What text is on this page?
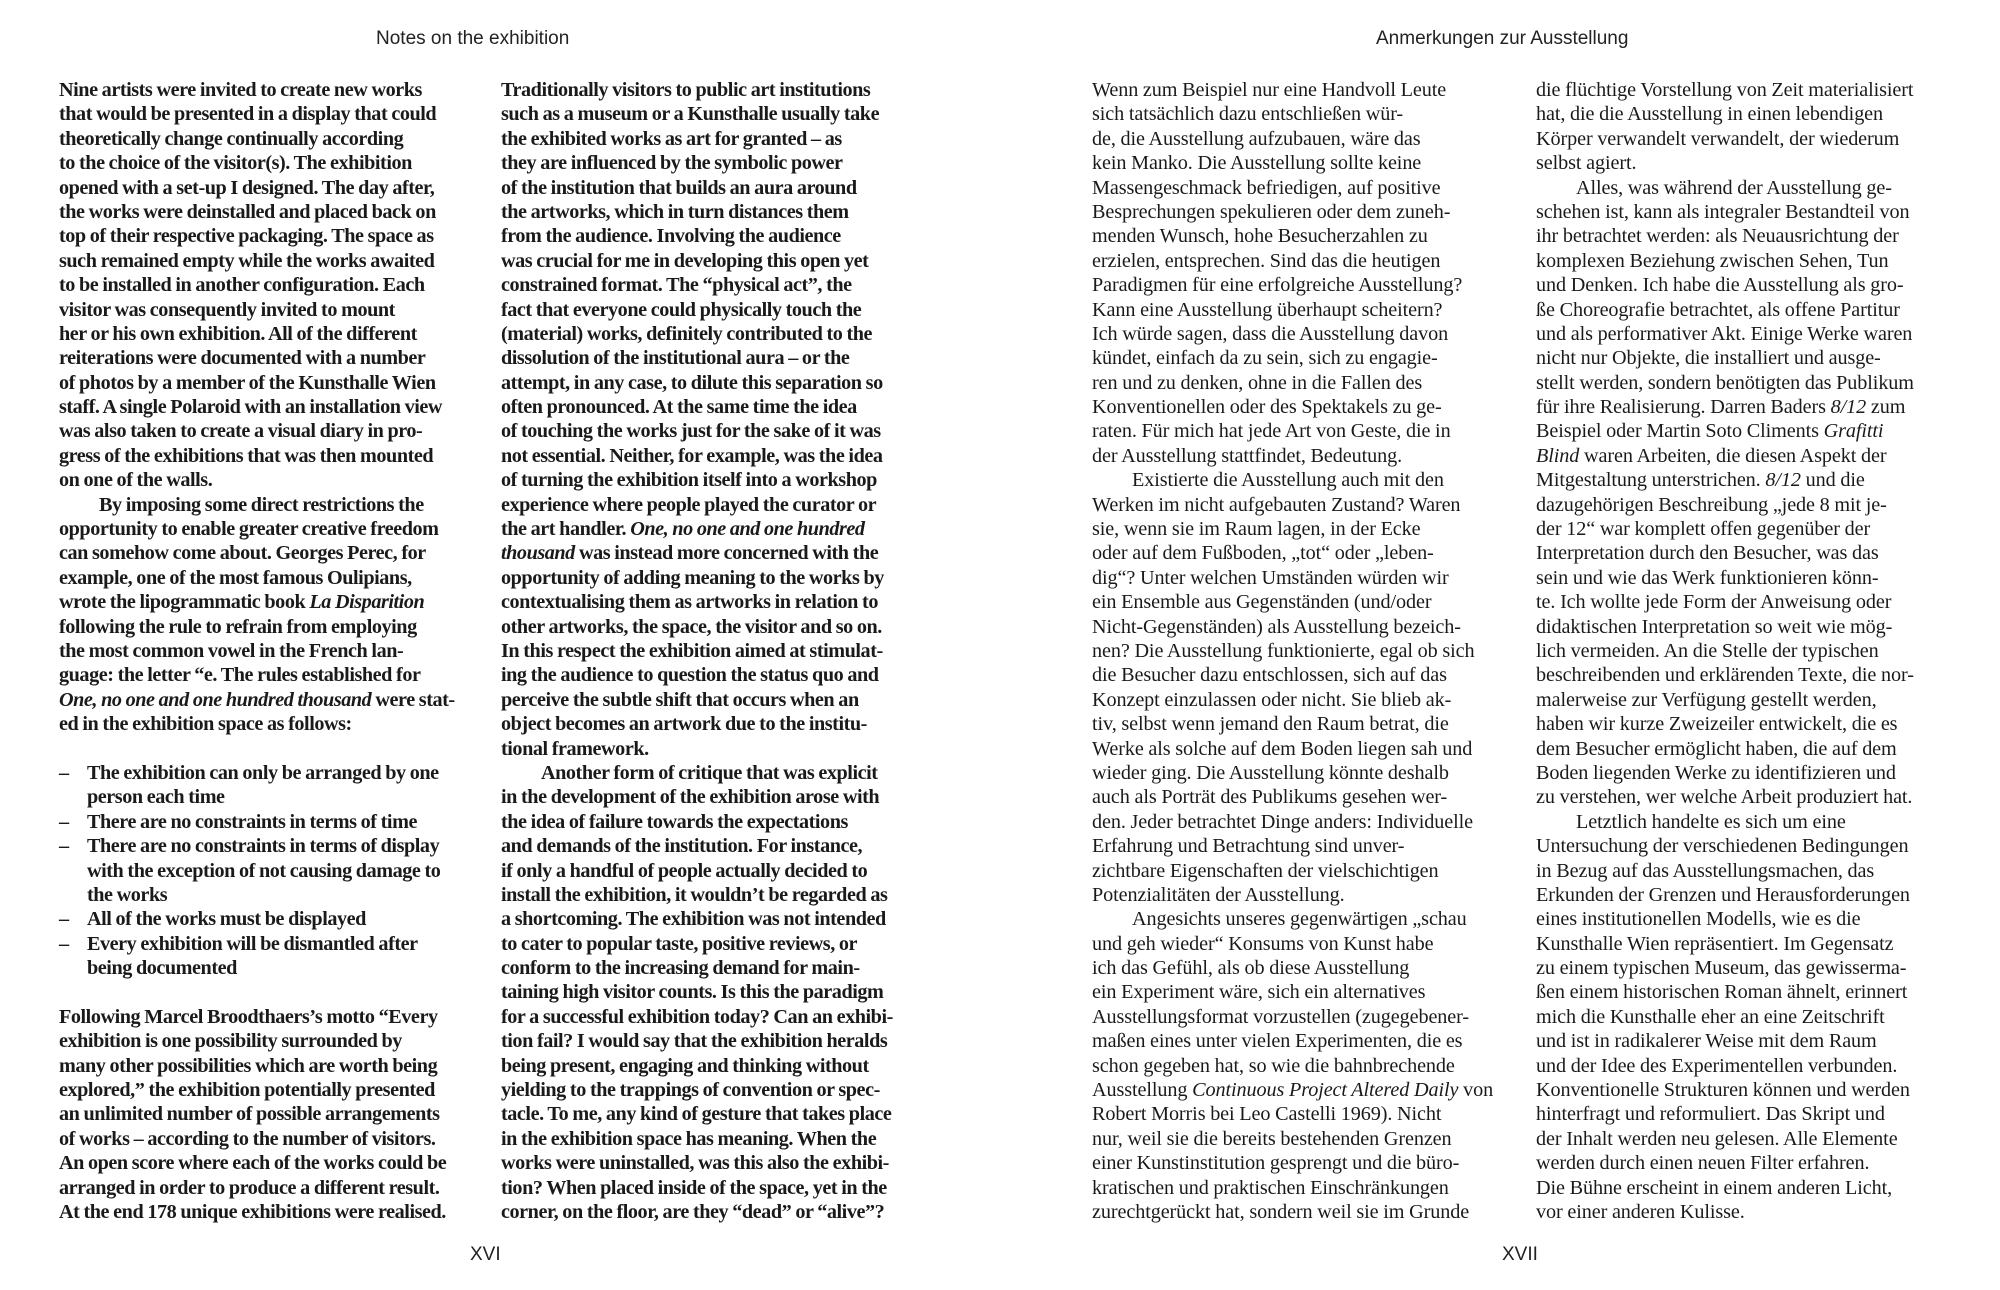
Notes on the exhibition	Anmerkungen zur Ausstellung
Nine artists were invited to create new works
that would be presented in a display that could
theoretically change continually according
to the choice of the visitor(s). The exhibition
opened with a set-up I designed. The day after,
the works were deinstalled and placed back on
top of their respective packaging. The space as
such remained empty while the works awaited
to be installed in another configuration. Each
visitor was consequently invited to mount
her or his own exhibition. All of the different
reiterations were documented with a number
of photos by a member of the Kunsthalle Wien
staff. A single Polaroid with an installation view
was also taken to create a visual diary in pro-
gress of the exhibitions that was then mounted
on one of the walls.
By imposing some direct restrictions the
opportunity to enable greater creative freedom
can somehow come about. Georges Perec, for
example, one of the most famous Oulipians,
wrote the lipogrammatic book La Disparition
following the rule to refrain from employing
the most common vowel in the French lan-
guage: the letter “e. The rules established for
One, no one and one hundred thousand were stat-
ed in the exhibition space as follows:
– The exhibition can only be arranged by one
person each time
– There are no constraints in terms of time
– There are no constraints in terms of display
with the exception of not causing damage to
the works
– All of the works must be displayed
– Every exhibition will be dismantled after
being documented
Following Marcel Broodthaers’s motto “Every
exhibition is one possibility surrounded by
many other possibilities which are worth being
explored,” the exhibition potentially presented
an unlimited number of possible arrangements
of works – according to the number of visitors.
An open score where each of the works could be
arranged in order to produce a different result.
At the end 178 unique exhibitions were realised.
Traditionally visitors to public art institutions
such as a museum or a Kunsthalle usually take
the exhibited works as art for granted – as
they are influenced by the symbolic power
of the institution that builds an aura around
the artworks, which in turn distances them
from the audience. Involving the audience
was crucial for me in developing this open yet
constrained format. The “physical act”, the
fact that everyone could physically touch the
(material) works, definitely contributed to the
dissolution of the institutional aura – or the
attempt, in any case, to dilute this separation so
often pronounced. At the same time the idea
of touching the works just for the sake of it was
not essential. Neither, for example, was the idea
of turning the exhibition itself into a workshop
experience where people played the curator or
the art handler. One, no one and one hundred
thousand was instead more concerned with the
opportunity of adding meaning to the works by
contextualising them as artworks in relation to
other artworks, the space, the visitor and so on.
In this respect the exhibition aimed at stimulat-
ing the audience to question the status quo and
perceive the subtle shift that occurs when an
object becomes an artwork due to the institu-
tional framework.
Another form of critique that was explicit
in the development of the exhibition arose with
the idea of failure towards the expectations
and demands of the institution. For instance,
if only a handful of people actually decided to
install the exhibition, it wouldn’t be regarded as
a shortcoming. The exhibition was not intended
to cater to popular taste, positive reviews, or
conform to the increasing demand for main-
taining high visitor counts. Is this the paradigm
for a successful exhibition today? Can an exhibi-
tion fail? I would say that the exhibition heralds
being present, engaging and thinking without
yielding to the trappings of convention or spec-
tacle. To me, any kind of gesture that takes place
in the exhibition space has meaning. When the
works were uninstalled, was this also the exhibi-
tion? When placed inside of the space, yet in the
corner, on the floor, are they “dead” or “alive”?
Wenn zum Beispiel nur eine Handvoll Leute
sich tatsächlich dazu entschließen wür-
de, die Ausstellung aufzubauen, wäre das
kein Manko. Die Ausstellung sollte keine
Massengeschmack befriedigen, auf positive
Besprechungen spekulieren oder dem zuneh-
menden Wunsch, hohe Besucherzahlen zu
erzielen, entsprechen. Sind das die heutigen
Paradigmen für eine erfolgreiche Ausstellung?
Kann eine Ausstellung überhaupt scheitern?
Ich würde sagen, dass die Ausstellung davon
kündet, einfach da zu sein, sich zu engagie-
ren und zu denken, ohne in die Fallen des
Konventionellen oder des Spektakels zu ge-
raten. Für mich hat jede Art von Geste, die in
der Ausstellung stattfindet, Bedeutung.
Existierte die Ausstellung auch mit den
Werken im nicht aufgebauten Zustand? Waren
sie, wenn sie im Raum lagen, in der Ecke
oder auf dem Fußboden, „tot“ oder „leben-
dig“? Unter welchen Umständen würden wir
ein Ensemble aus Gegenständen (und/oder
Nicht-Gegenständen) als Ausstellung bezeich-
nen? Die Ausstellung funktionierte, egal ob sich
die Besucher dazu entschlossen, sich auf das
Konzept einzulassen oder nicht. Sie blieb ak-
tiv, selbst wenn jemand den Raum betrat, die
Werke als solche auf dem Boden liegen sah und
wieder ging. Die Ausstellung könnte deshalb
auch als Porträt des Publikums gesehen wer-
den. Jeder betrachtet Dinge anders: Individuelle
Erfahrung und Betrachtung sind unver-
zichtbare Eigenschaften der vielschichtigen
Potenzialitäten der Ausstellung.
Angesichts unseres gegenwärtigen „schau
und geh wieder“ Konsums von Kunst habe
ich das Gefühl, als ob diese Ausstellung
ein Experiment wäre, sich ein alternatives
Ausstellungsformat vorzustellen (zugegebener-
maßen eines unter vielen Experimenten, die es
schon gegeben hat, so wie die bahnbrechende
Ausstellung Continuous Project Altered Daily von
Robert Morris bei Leo Castelli 1969). Nicht
nur, weil sie die bereits bestehenden Grenzen
einer Kunstinstitution gesprengt und die büro-
kratischen und praktischen Einschränkungen
zurechtgerückt hat, sondern weil sie im Grunde
die flüchtige Vorstellung von Zeit materialisiert
hat, die die Ausstellung in einen lebendigen
Körper verwandelt verwandelt, der wiederum
selbst agiert.
Alles, was während der Ausstellung ge-
schehen ist, kann als integraler Bestandteil von
ihr betrachtet werden: als Neuausrichtung der
komplexen Beziehung zwischen Sehen, Tun
und Denken. Ich habe die Ausstellung als gro-
ße Choreografie betrachtet, als offene Partitur
und als performativer Akt. Einige Werke waren
nicht nur Objekte, die installiert und ausge-
stellt werden, sondern benötigten das Publikum
für ihre Realisierung. Darren Baders 8/12 zum
Beispiel oder Martin Soto Climents Grafitti
Blind waren Arbeiten, die diesen Aspekt der
Mitgestaltung unterstrichen. 8/12 und die
dazugehörigen Beschreibung „jede 8 mit je-
der 12“ war komplett offen gegenüber der
Interpretation durch den Besucher, was das
sein und wie das Werk funktionieren könn-
te. Ich wollte jede Form der Anweisung oder
didaktischen Interpretation so weit wie mög-
lich vermeiden. An die Stelle der typischen
beschreibenden und erklärenden Texte, die nor-
malerweise zur Verfügung gestellt werden,
haben wir kurze Zweizeiler entwickelt, die es
dem Besucher ermöglicht haben, die auf dem
Boden liegenden Werke zu identifizieren und
zu verstehen, wer welche Arbeit produziert hat.
Letztlich handelte es sich um eine
Untersuchung der verschiedenen Bedingungen
in Bezug auf das Ausstellungsmachen, das
Erkunden der Grenzen und Herausforderungen
eines institutionellen Modells, wie es die
Kunsthalle Wien repräsentiert. Im Gegensatz
zu einem typischen Museum, das gewisserma-
ßen einem historischen Roman ähnelt, erinnert
mich die Kunsthalle eher an eine Zeitschrift
und ist in radikalerer Weise mit dem Raum
und der Idee des Experimentellen verbunden.
Konventionelle Strukturen können und werden
hinterfragt und reformuliert. Das Skript und
der Inhalt werden neu gelesen. Alle Elemente
werden durch einen neuen Filter erfahren.
Die Bühne erscheint in einem anderen Licht,
vor einer anderen Kulisse.
XVI	XVII
